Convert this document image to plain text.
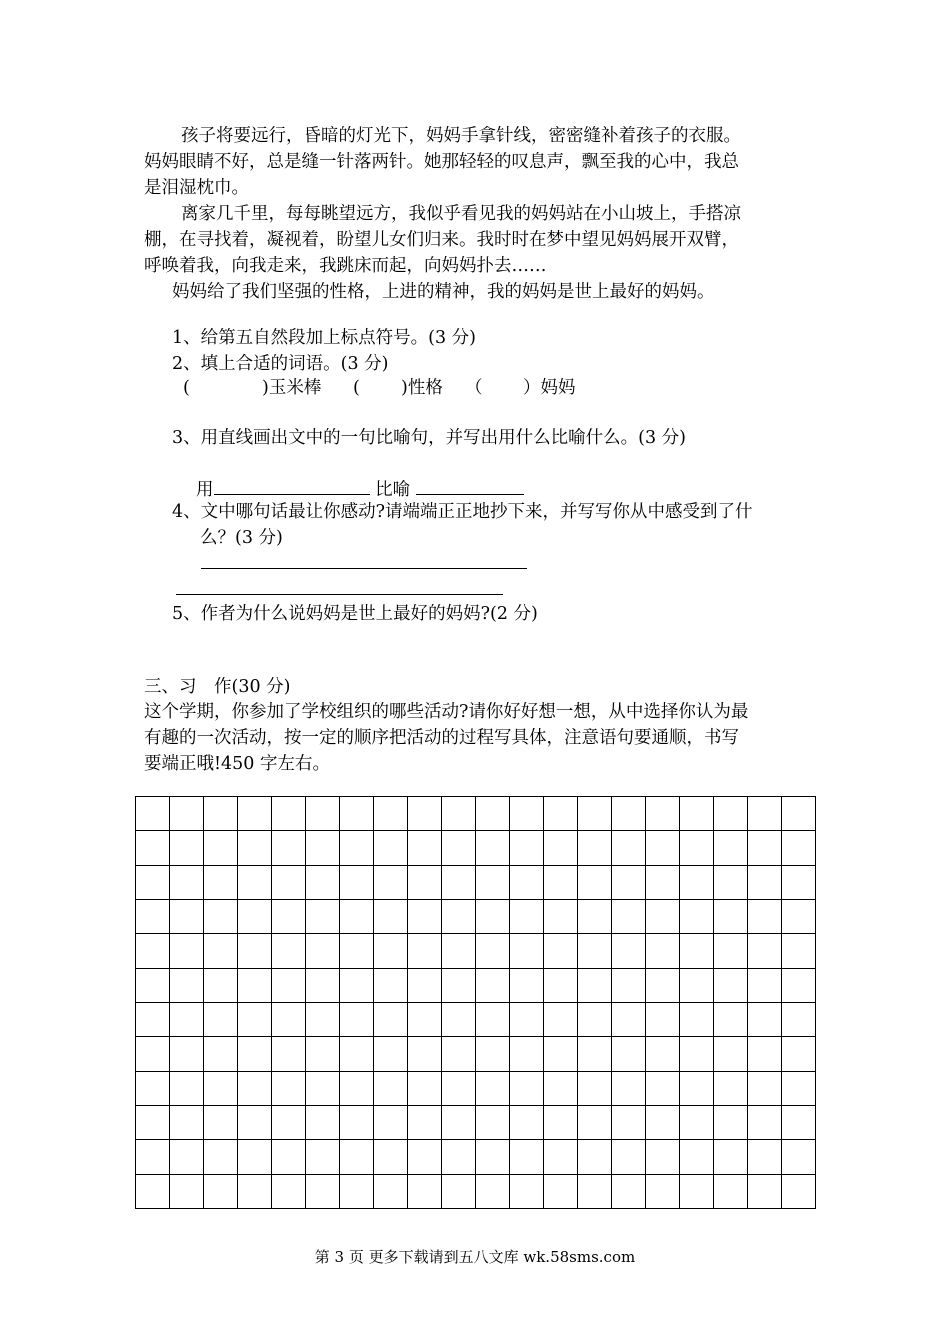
孩子将要远行，昏暗的灯光下，妈妈手拿针线，密密缝补着孩子的衣服。
妈妈眼睛不好，总是缝一针落两针。她那轻轻的叹息声，飘至我的心中，我总
是泪湿枕巾。
离家几千里，每每眺望远方，我似乎看见我的妈妈站在小山坡上，手搭凉
棚，在寻找着，凝视着，盼望儿女们归来。我时时在梦中望见妈妈展开双臂，
呼唤着我，向我走来，我跳床而起，向妈妈扑去……
妈妈给了我们坚强的性格，上进的精神，我的妈妈是世上最好的妈妈。
1、给第五自然段加上标点符号。(3 分)
2、填上合适的词语。(3 分)
(	)玉米棒 ( )性格 （ ）妈妈
3、用直线画出文中的一句比喻句，并写出用什么比喻什么。(3 分)
用	比喻
4、文中哪句话最让你感动?请端端正正地抄下来，并写写你从中感受到了什
么？(3 分)
5、作者为什么说妈妈是世上最好的妈妈?(2 分)
三、习　作(30 分)
这个学期，你参加了学校组织的哪些活动?请你好好想一想，从中选择你认为最
有趣的一次活动，按一定的顺序把活动的过程写具体，注意语句要通顺，书写
要端正哦!450 字左右。
第 3 页 更多下载请到五八文库 wk.58sms.com
